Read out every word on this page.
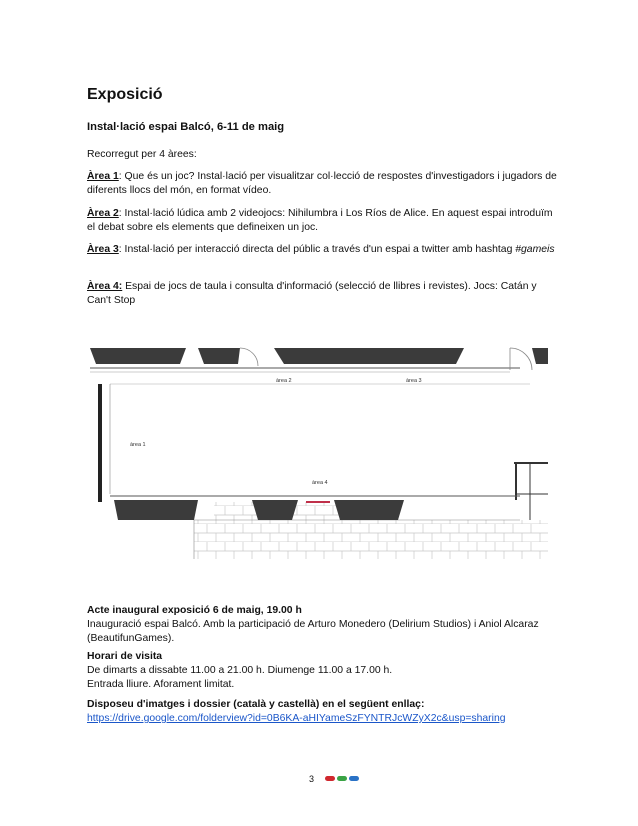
Exposició
Instal·lació espai Balcó, 6-11 de maig
Recorregut per 4 àrees:
Àrea 1: Que és un joc? Instal·lació per visualitzar col·lecció de respostes d'investigadors i jugadors de diferents llocs del món, en format vídeo.
Àrea 2: Instal·lació lúdica amb 2 videojocs: Nihilumbra i Los Ríos de Alice. En aquest espai introduïm el debat sobre els elements que defineixen un joc.
Àrea 3: Instal·lació per interacció directa del públic a través d'un espai a twitter amb hashtag #gameis
Àrea 4: Espai de jocs de taula i consulta d'informació (selecció de llibres i revistes). Jocs: Catán y Can't Stop
àrea 2	àrea 3
àrea 1
àrea 4

Acte inaugural exposició 6 de maig, 19.00 h

Inauguració espai Balcó. Amb la participació de Arturo Monedero (Delirium Studios) i Aniol Alcaraz (BeautifunGames).

Horari de visita

De dimarts a dissabte 11.00 a 21.00 h. Diumenge 11.00 a 17.00 h.

Entrada lliure. Aforament limitat.

Disposeu d'imatges i dossier (català y castellà) en el següent enllaç:

https://drive.google.com/folderview?id=0B6KA-aHIYameSzFYNTRJcWZyX2c&usp=sharing

3
